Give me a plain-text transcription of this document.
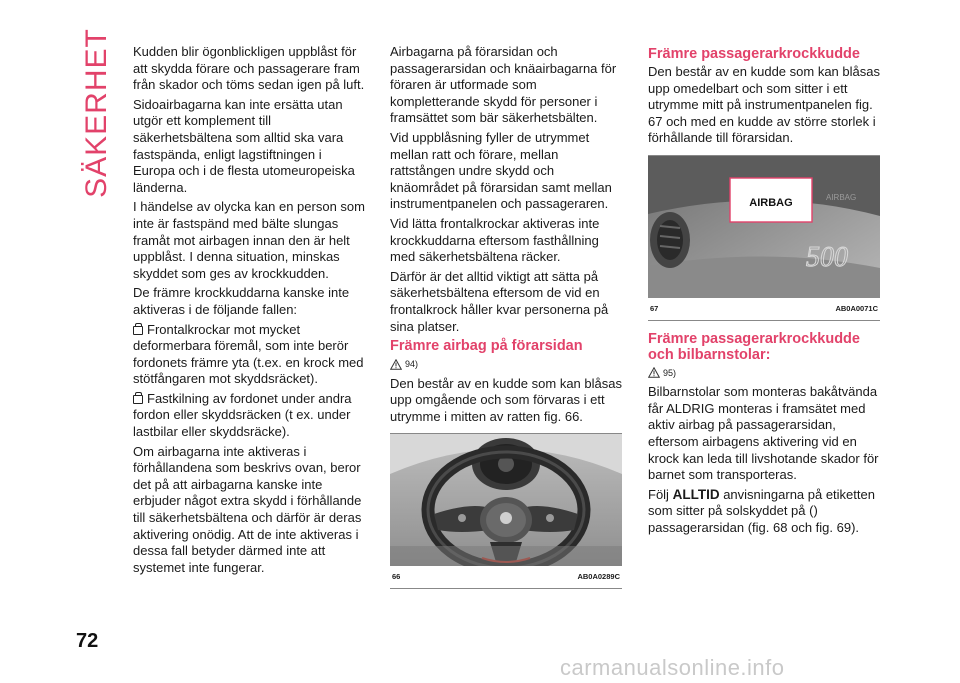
SÄKERHET Kudden blir ögonblickligen uppblåst för att skydda förare och passagerare fram från skador och töms sedan igen på luft.

Sidoairbagarna kan inte ersätta utan utgör ett komplement till säkerhetsbältena som alltid ska vara fastspända, enligt lagstiftningen i Europa och i de flesta utomeuropeiska länderna.

I händelse av olycka kan en person som inte är fastspänd med bälte slungas framåt mot airbagen innan den är helt uppblåst. I denna situation, minskas skyddet som ges av krockkudden.

De främre krockkuddarna kanske inte aktiveras i de följande fallen:

Frontalkrockar mot mycket deformerbara föremål, som inte berör fordonets främre yta (t.ex. en krock med stötfångaren mot skyddsräcket).

Fastkilning av fordonet under andra fordon eller skyddsräcken (t ex. under lastbilar eller skyddsräcke).

Om airbagarna inte aktiveras i förhållandena som beskrivs ovan, beror det på att airbagarna kanske inte erbjuder något extra skydd i förhållande till säkerhetsbältena och därför är deras aktivering onödig. Att de inte aktiveras i dessa fall betyder därmed inte att systemet inte fungerar.

Airbagarna på förarsidan och passagerarsidan och knäairbagarna för föraren är utformade som kompletterande skydd för personer i framsättet som bär säkerhetsbälten.

Vid uppblåsning fyller de utrymmet mellan ratt och förare, mellan rattstången undre skydd och knäområdet på förarsidan samt mellan instrumentpanelen och passageraren.

Vid lätta frontalkrockar aktiveras inte krockkuddarna eftersom fasthållning med säkerhetsbältena räcker.

Därför är det alltid viktigt att sätta på säkerhetsbältena eftersom de vid en frontalkrock håller kvar personerna på sina platser.

Främre airbag på förarsidan
94)

Den består av en kudde som kan blåsas upp omgående och som förvaras i ett utrymme i mitten av ratten fig. 66.

66	AB0A0289C
Främre passagerarkrockkudde

Den består av en kudde som kan blåsas upp omedelbart och som sitter i ett utrymme mitt på instrumentpanelen fig. 67 och med en kudde av större storlek i förhållande till förarsidan.

AIRBAG	AIRBAG
500
67	AB0A0071C
Främre passagerarkrockkudde och bilbarnstolar:
95)

Bilbarnstolar som monteras bakåtvända får ALDRIG monteras i framsätet med aktiv airbag på passagerarsidan, eftersom airbagens aktivering vid en krock kan leda till livshotande skador för barnet som transporteras.

Följ ALLTID anvisningarna på etiketten som sitter på solskyddet på () passagerarsidan (fig. 68 och fig. 69).

72
carmanualsonline.info
